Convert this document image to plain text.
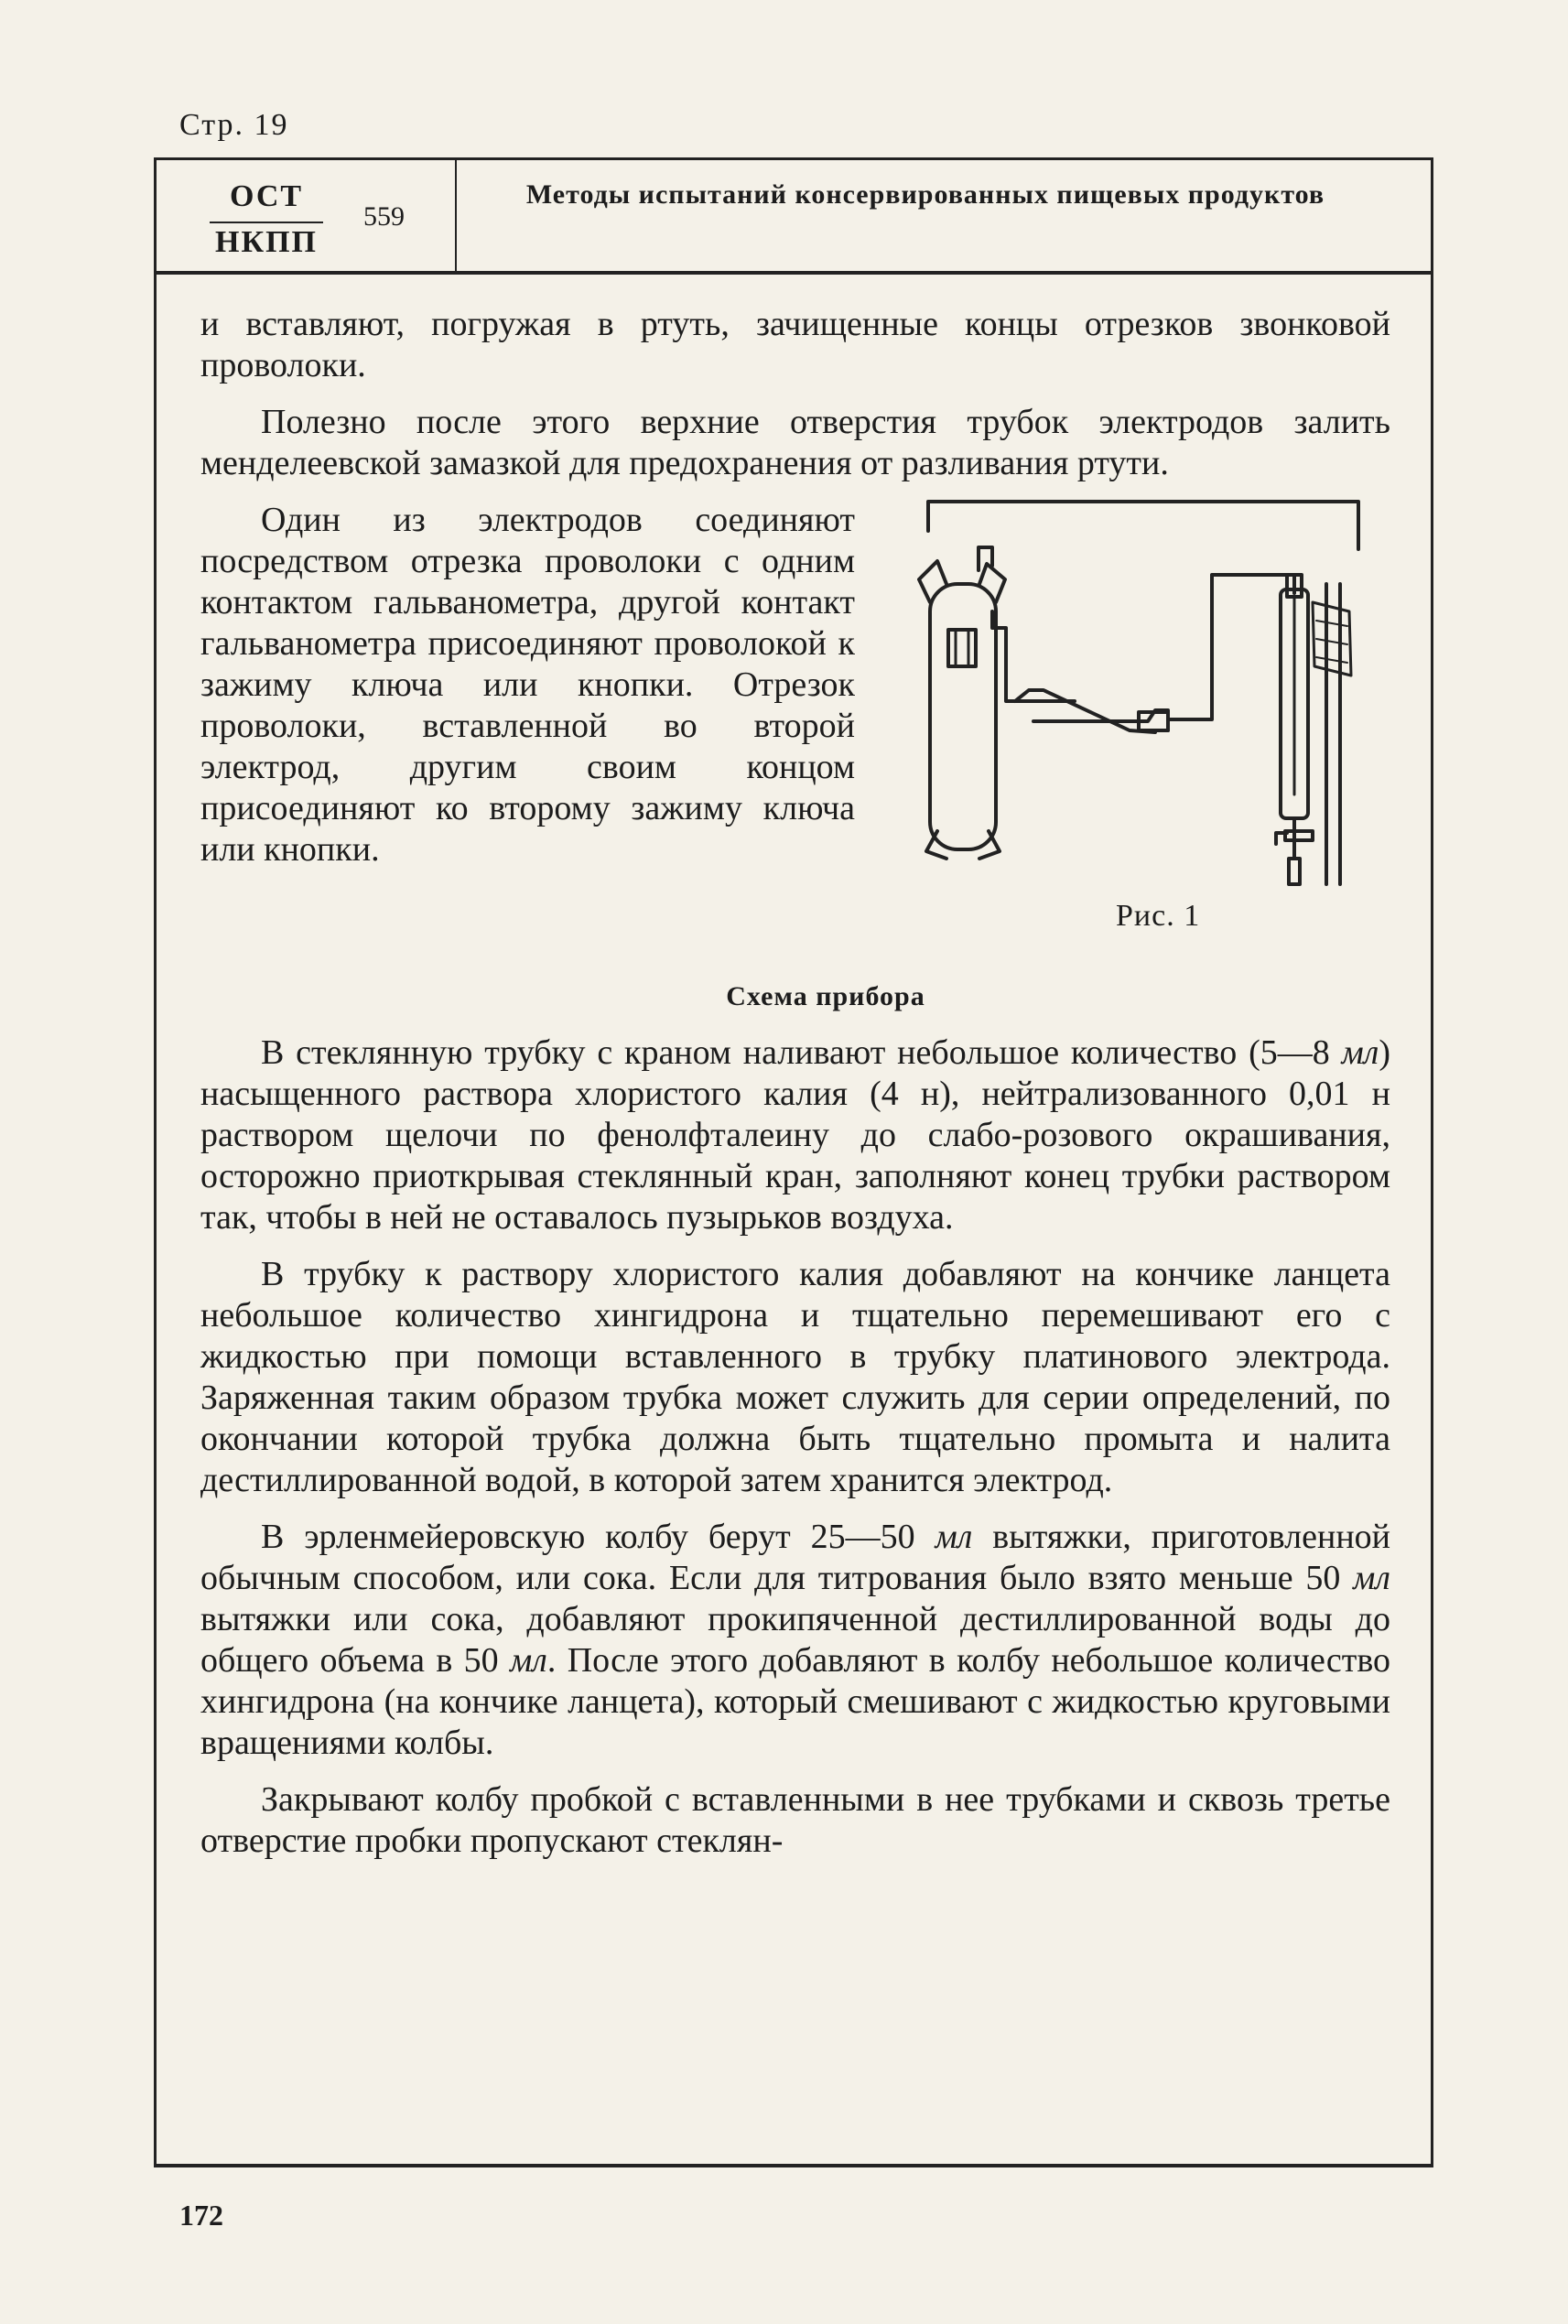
Стр. 19
ОСТ
НКПП
559
Методы испытаний консервированных пищевых продуктов

и вставляют, погружая в ртуть, зачищенные концы отрезков звонковой проволоки.

Полезно после этого верхние отверстия трубок электродов залить менделеевской замазкой для предохранения от разливания ртути.

Один из электродов соединяют посредством отрезка проволоки с одним контактом гальванометра, другой контакт гальванометра присоединяют проволокой к зажиму ключа или кнопки. Отрезок проволоки, вставленной во второй электрод, другим своим концом присоединяют ко второму зажиму ключа или кнопки.
Рис. 1

Схема прибора

В стеклянную трубку с краном наливают небольшое количество (5—8 мл) насыщенного раствора хлористого калия (4 н), нейтрализованного 0,01 н раствором щелочи по фенолфталеину до слабо-розового окрашивания, осторожно приоткрывая стеклянный кран, заполняют конец трубки раствором так, чтобы в ней не оставалось пузырьков воздуха.

В трубку к раствору хлористого калия добавляют на кончике ланцета небольшое количество хингидрона и тщательно перемешивают его с жидкостью при помощи вставленного в трубку платинового электрода. Заряженная таким образом трубка может служить для серии определений, по окончании которой трубка должна быть тщательно промыта и налита дестиллированной водой, в которой затем хранится электрод.

В эрленмейеровскую колбу берут 25—50 мл вытяжки, приготовленной обычным способом, или сока. Если для титрования было взято меньше 50 мл вытяжки или сока, добавляют прокипяченной дестиллированной воды до общего объема в 50 мл. После этого добавляют в колбу небольшое количество хингидрона (на кончике ланцета), который смешивают с жидкостью круговыми вращениями колбы.

Закрывают колбу пробкой с вставленными в нее трубками и сквозь третье отверстие пробки пропускают стеклян-

172
